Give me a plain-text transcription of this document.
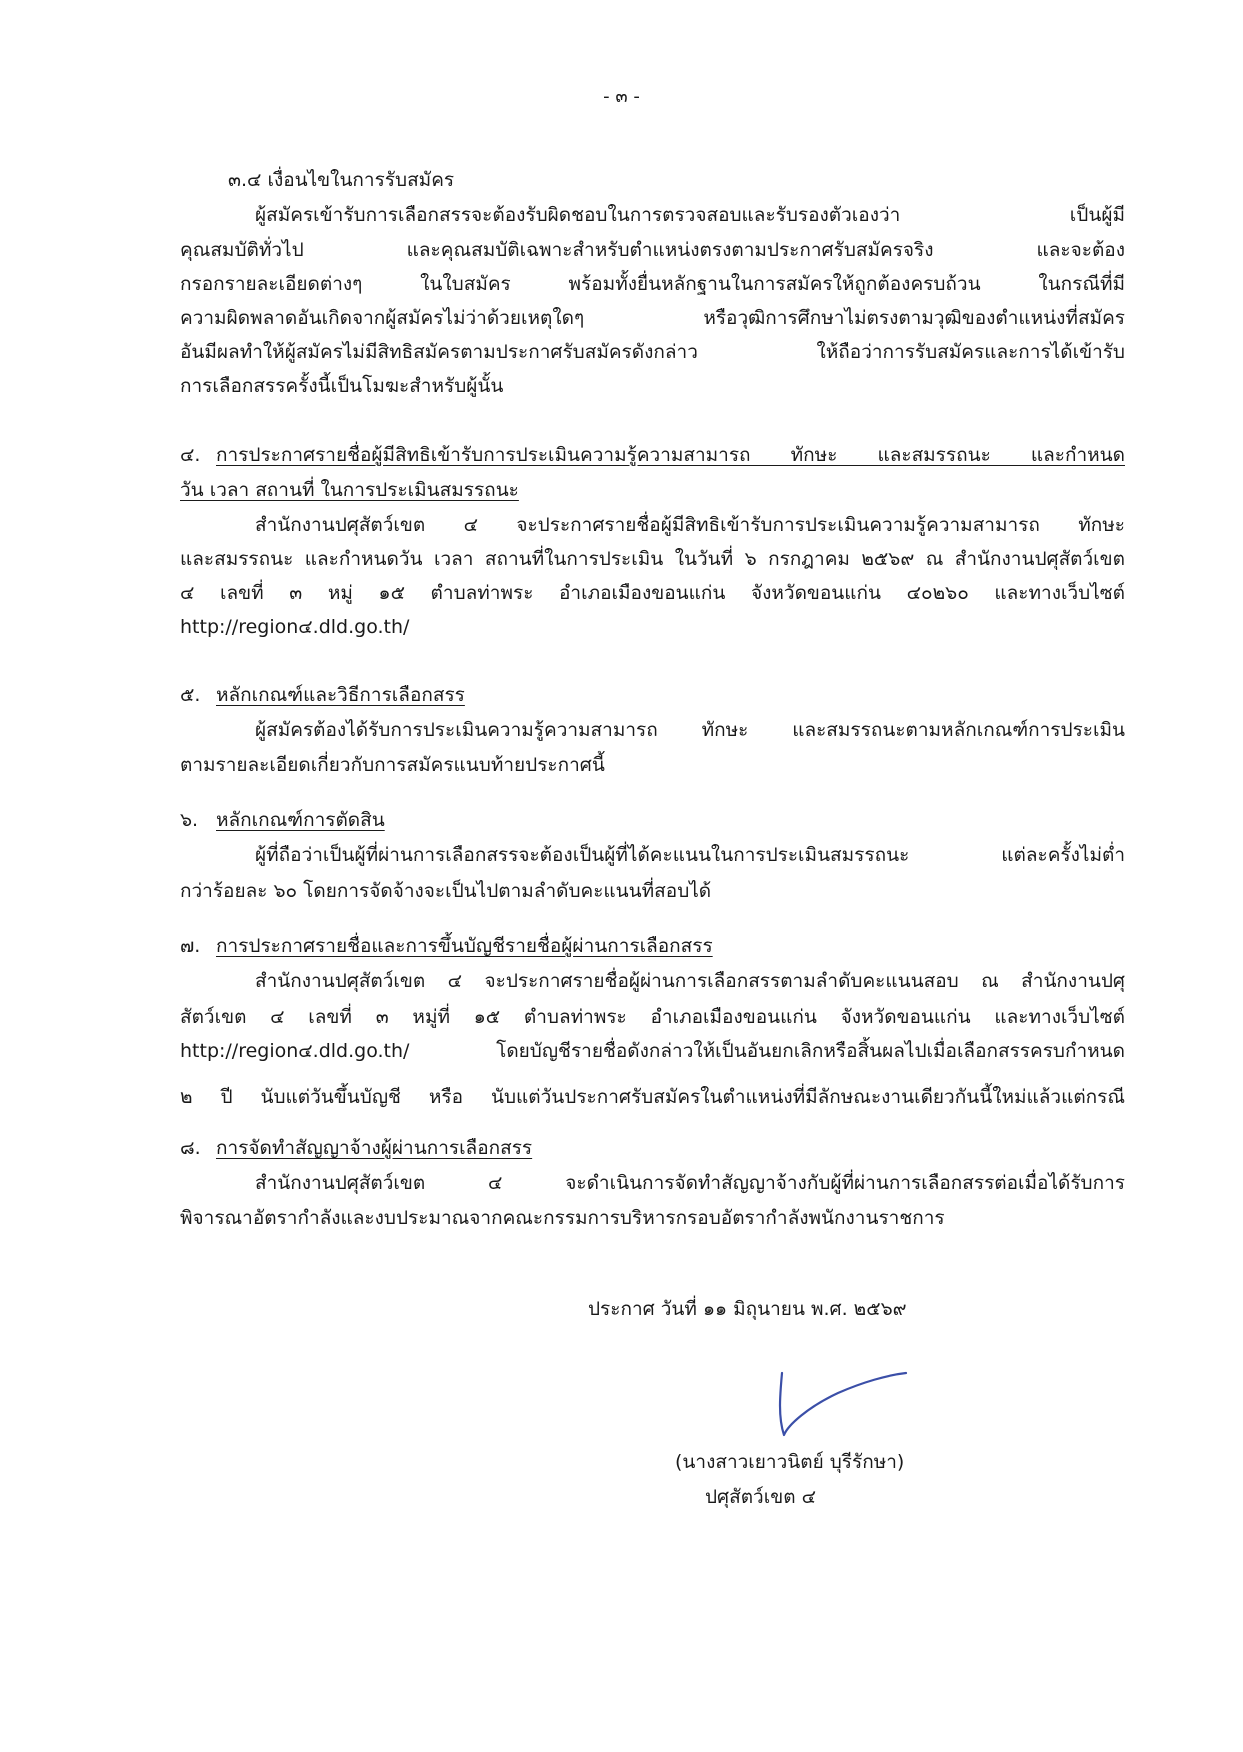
- ๓ -
๓.๔ เงื่อนไขในการรับสมัคร
ผู้สมัครเข้ารับการเลือกสรรจะต้องรับผิดชอบในการตรวจสอบและรับรองตัวเองว่า เป็นผู้มี
คุณสมบัติทั่วไป และคุณสมบัติเฉพาะสำหรับตำแหน่งตรงตามประกาศรับสมัครจริง และจะต้อง
กรอกรายละเอียดต่างๆ ในใบสมัคร พร้อมทั้งยื่นหลักฐานในการสมัครให้ถูกต้องครบถ้วน ในกรณีที่มี
ความผิดพลาดอันเกิดจากผู้สมัครไม่ว่าด้วยเหตุใดๆ หรือวุฒิการศึกษาไม่ตรงตามวุฒิของตำแหน่งที่สมัคร
อันมีผลทำให้ผู้สมัครไม่มีสิทธิสมัครตามประกาศรับสมัครดังกล่าว ให้ถือว่าการรับสมัครและการได้เข้ารับ
การเลือกสรรครั้งนี้เป็นโมฆะสำหรับผู้นั้น
๔. การประกาศรายชื่อผู้มีสิทธิเข้ารับการประเมินความรู้ความสามารถ ทักษะ และสมรรถนะ และกำหนด
วัน เวลา สถานที่ ในการประเมินสมรรถนะ
สำนักงานปศุสัตว์เขต ๔ จะประกาศรายชื่อผู้มีสิทธิเข้ารับการประเมินความรู้ความสามารถ ทักษะ
และสมรรถนะ และกำหนดวัน เวลา สถานที่ในการประเมิน ในวันที่ ๖ กรกฎาคม ๒๕๖๙ ณ สำนักงานปศุสัตว์เขต
๔ เลขที่ ๓ หมู่ ๑๕ ตำบลท่าพระ อำเภอเมืองขอนแก่น จังหวัดขอนแก่น ๔๐๒๖๐ และทางเว็บไซต์
http://region๔.dld.go.th/
๕. หลักเกณฑ์และวิธีการเลือกสรร
ผู้สมัครต้องได้รับการประเมินความรู้ความสามารถ ทักษะ และสมรรถนะตามหลักเกณฑ์การประเมิน
ตามรายละเอียดเกี่ยวกับการสมัครแนบท้ายประกาศนี้
๖. หลักเกณฑ์การตัดสิน
ผู้ที่ถือว่าเป็นผู้ที่ผ่านการเลือกสรรจะต้องเป็นผู้ที่ได้คะแนนในการประเมินสมรรถนะ แต่ละครั้งไม่ต่ำ
กว่าร้อยละ ๖๐ โดยการจัดจ้างจะเป็นไปตามลำดับคะแนนที่สอบได้
๗. การประกาศรายชื่อและการขึ้นบัญชีรายชื่อผู้ผ่านการเลือกสรร
สำนักงานปศุสัตว์เขต ๔ จะประกาศรายชื่อผู้ผ่านการเลือกสรรตามลำดับคะแนนสอบ ณ สำนักงานปศุ
สัตว์เขต ๔ เลขที่ ๓ หมู่ที่ ๑๕ ตำบลท่าพระ อำเภอเมืองขอนแก่น จังหวัดขอนแก่น และทางเว็บไซต์
http://region๔.dld.go.th/ โดยบัญชีรายชื่อดังกล่าวให้เป็นอันยกเลิกหรือสิ้นผลไปเมื่อเลือกสรรครบกำหนด
๒ ปี นับแต่วันขึ้นบัญชี หรือ นับแต่วันประกาศรับสมัครในตำแหน่งที่มีลักษณะงานเดียวกันนี้ใหม่แล้วแต่กรณี
๘. การจัดทำสัญญาจ้างผู้ผ่านการเลือกสรร
สำนักงานปศุสัตว์เขต ๔ จะดำเนินการจัดทำสัญญาจ้างกับผู้ที่ผ่านการเลือกสรรต่อเมื่อได้รับการ
พิจารณาอัตรากำลังและงบประมาณจากคณะกรรมการบริหารกรอบอัตรากำลังพนักงานราชการ
ประกาศ วันที่ ๑๑ มิถุนายน พ.ศ. ๒๕๖๙
(นางสาวเยาวนิตย์ บุรีรักษา)
ปศุสัตว์เขต ๔
